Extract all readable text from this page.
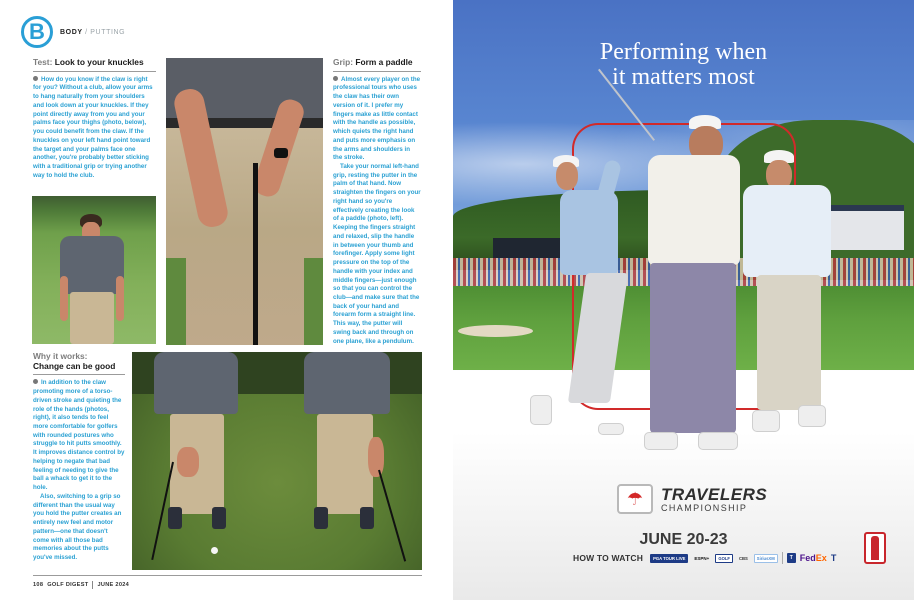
B BODY / PUTTING
Test: Look to your knuckles

How do you know if the claw is right for you? Without a club, allow your arms to hang naturally from your shoulders and look down at your knuckles. If they point directly away from you and your palms face your thighs (photo, below), you could benefit from the claw. If the knuckles on your left hand point toward the target and your palms face one another, you're probably better sticking with a traditional grip or trying another way to hold the club.

Grip: Form a paddle

Almost every player on the professional tours who uses the claw has their own version of it. I prefer my fingers make as little contact with the handle as possible, which quiets the right hand and puts more emphasis on the arms and shoulders in the stroke.

Take your normal left-hand grip, resting the putter in the palm of that hand. Now straighten the fingers on your right hand so you're effectively creating the look of a paddle (photo, left). Keeping the fingers straight and relaxed, slip the handle in between your thumb and forefinger. Apply some light pressure on the top of the handle with your index and middle fingers—just enough so that you can control the club—and make sure that the back of your hand and forearm form a straight line. This way, the putter will swing back and through on one plane, like a pendulum.

Why it works:
Change can be good

In addition to the claw promoting more of a torso-driven stroke and quieting the role of the hands (photos, right), it also tends to feel more comfortable for golfers with rounded postures who struggle to hit putts smoothly. It improves distance control by helping to negate that bad feeling of needing to give the ball a whack to get it to the hole.

Also, switching to a grip so different than the usual way you hold the putter creates an entirely new feel and motor pattern—one that doesn't come with all those bad memories about the putts you've missed.

108 GOLF DIGEST JUNE 2024
Performing when
it matters most
☂ TRAVELERS
CHAMPIONSHIP
JUNE 20-23
HOW TO WATCH	PGA TOUR LIVE	ESPN+	GOLF	CBS	SiriusXM	T FedEx T
